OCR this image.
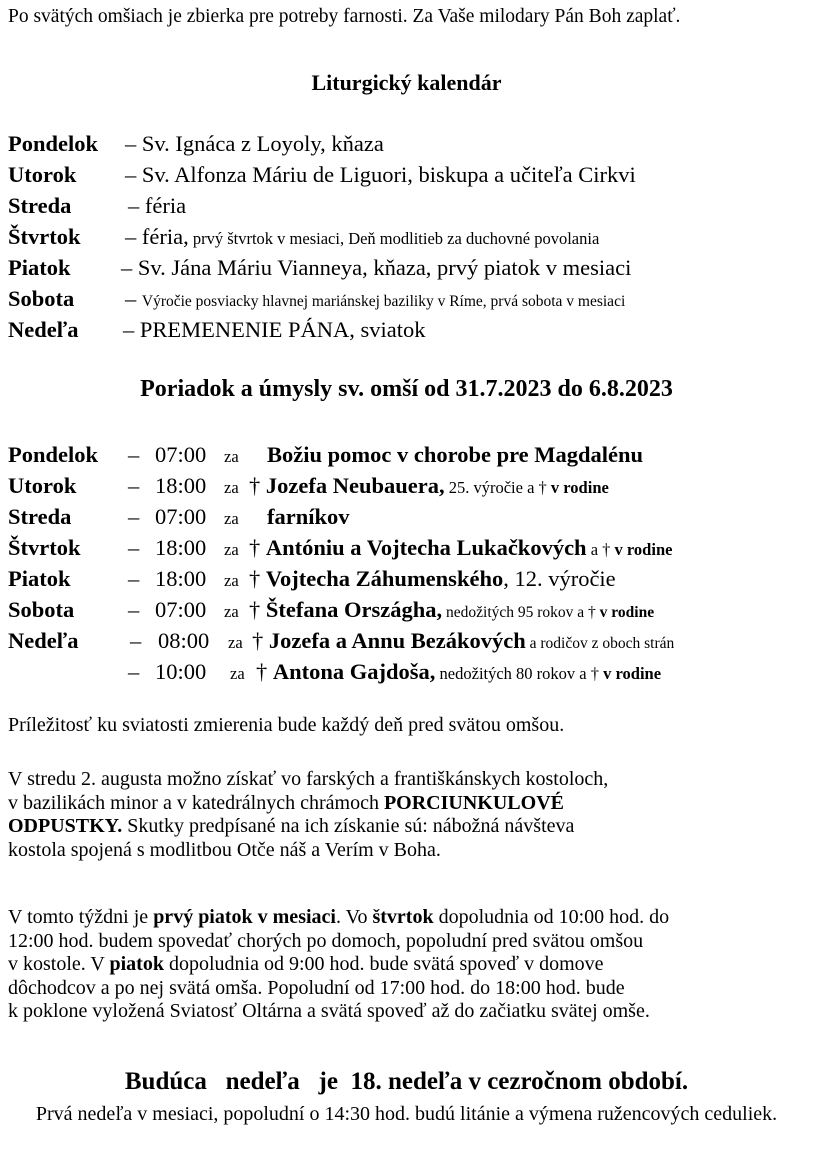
Po svätých omšiach je zbierka pre potreby farnosti. Za Vaše milodary Pán Boh zaplať.
Liturgický kalendár
Pondelok – Sv. Ignáca z Loyoly, kňaza
Utorok – Sv. Alfonza Máriu de Liguori, biskupa a učiteľa Cirkvi
Streda	– féria
Štvrtok – féria, prvý štvrtok v mesiaci, Deň modlitieb za duchovné povolania
Piatok – Sv. Jána Máriu Vianneya, kňaza, prvý piatok v mesiaci
Sobota – Výročie posviacky hlavnej mariánskej baziliky v Ríme, prvá sobota v mesiaci
Nedeľa – PREMENENIE PÁNA, sviatok
Poriadok a úmysly sv. omší od 31.7.2023 do 6.8.2023
Pondelok – 07:00 za Božiu pomoc v chorobe pre Magdalénu
Utorok – 18:00 za † Jozefa Neubauera, 25. výročie a † v rodine
Streda	– 07:00 za farníkov
Štvrtok – 18:00 za † Antóniu a Vojtecha Lukačkových a † v rodine
Piatok	– 18:00 za † Vojtecha Záhumenského, 12. výročie
Sobota – 07:00 za † Štefana Országha, nedožitých 95 rokov a † v rodine
Nedeľa – 08:00 za † Jozefa a Annu Bezákových a rodičov z oboch strán
– 10:00 za † Antona Gajdoša, nedožitých 80 rokov a † v rodine
Príležitosť ku sviatosti zmierenia bude každý deň pred svätou omšou.
V stredu 2. augusta možno získať vo farských a františkánskych kostoloch,
v bazilikách minor a v katedrálnych chrámoch PORCIUNKULOVÉ
ODPUSTKY. Skutky predpísané na ich získanie sú: nábožná návšteva
kostola spojená s modlitbou Otče náš a Verím v Boha.
V tomto týždni je prvý piatok v mesiaci. Vo štvrtok dopoludnia od 10:00 hod. do
12:00 hod. budem spovedať chorých po domoch, popoludní pred svätou omšou
v kostole. V piatok dopoludnia od 9:00 hod. bude svätá spoveď v domove
dôchodcov a po nej svätá omša. Popoludní od 17:00 hod. do 18:00 hod. bude
k poklone vyložená Sviatosť Oltárna a svätá spoveď až do začiatku svätej omše.
Budúca   nedeľa   je  18. nedeľa v cezročnom období.
Prvá nedeľa v mesiaci, popoludní o 14:30 hod. budú litánie a výmena ružencových ceduliek.
